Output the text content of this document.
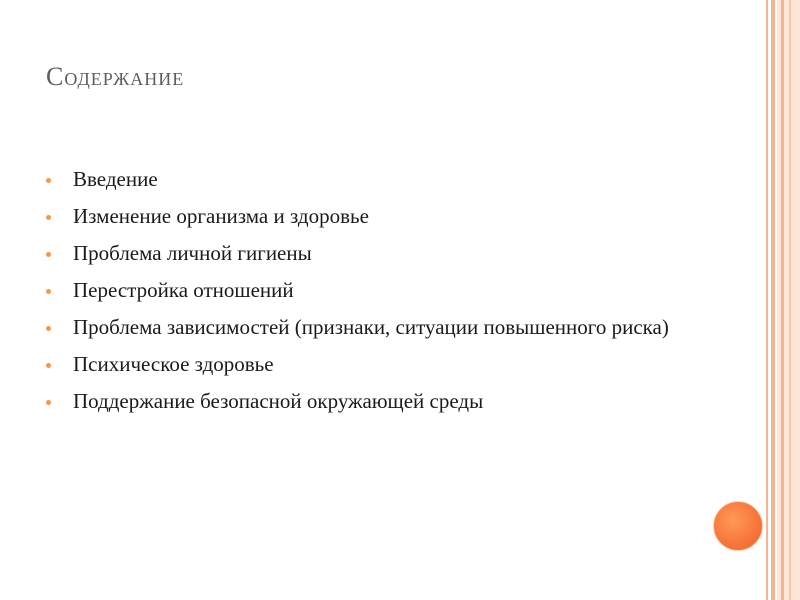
Содержание
Введение
Изменение организма и здоровье
Проблема личной гигиены
Перестройка отношений
Проблема зависимостей (признаки, ситуации повышенного риска)
Психическое здоровье
Поддержание безопасной окружающей среды
